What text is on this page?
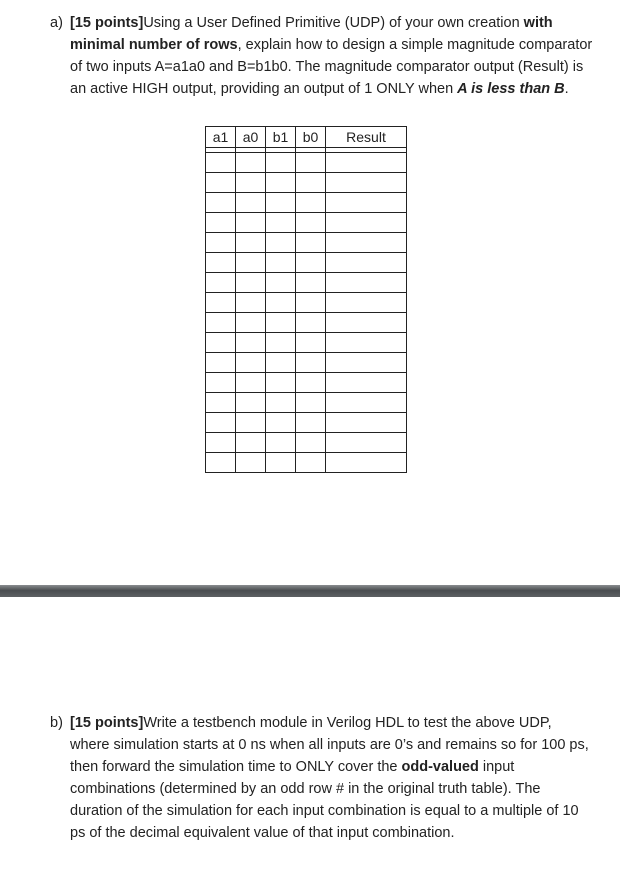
a) [15 points]Using a User Defined Primitive (UDP) of your own creation with minimal number of rows, explain how to design a simple magnitude comparator of two inputs A=a1a0 and B=b1b0. The magnitude comparator output (Result) is an active HIGH output, providing an output of 1 ONLY when A is less than B.
a1	a0	b1	b0	Result

b) [15 points]Write a testbench module in Verilog HDL to test the above UDP, where simulation starts at 0 ns when all inputs are 0’s and remains so for 100 ps, then forward the simulation time to ONLY cover the odd-valued input combinations (determined by an odd row # in the original truth table). The duration of the simulation for each input combination is equal to a multiple of 10 ps of the decimal equivalent value of that input combination.
